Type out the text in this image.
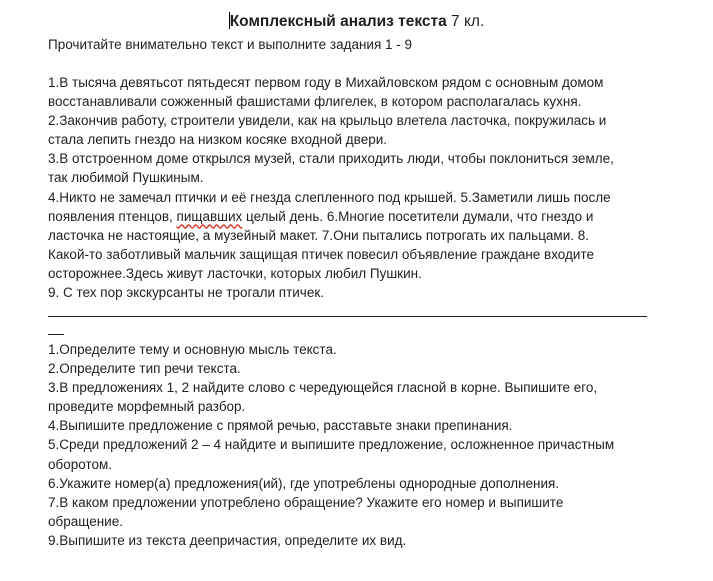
Комплексный анализ текста 7 кл.
Прочитайте внимательно текст и выполните задания 1 - 9
1.В тысяча девятьсот пятьдесят первом году в Михайловском рядом с основным домом
восстанавливали сожженный фашистами флигелек, в котором располагалась кухня.
2.Закончив работу, строители увидели, как на крыльцо влетела ласточка, покружилась и
стала лепить гнездо на низком косяке входной двери.
3.В отстроенном доме открылся музей, стали приходить люди, чтобы поклониться земле,
так любимой Пушкиным.
4.Никто не замечал птички и её гнезда слепленного под крышей. 5.Заметили лишь после
появления птенцов, пищавших целый день. 6.Многие посетители думали, что гнездо и
ласточка не настоящие, а музейный макет. 7.Они пытались потрогать их пальцами. 8.
Какой-то заботливый мальчик защищая птичек повесил объявление граждане входите
осторожнее.Здесь живут ласточки, которых любил Пушкин.
9. С тех пор экскурсанты не трогали птичек.
1.Определите тему и основную мысль текста.
2.Определите тип речи текста.
3.В предложениях 1, 2 найдите слово с чередующейся гласной в корне. Выпишите его,
проведите морфемный разбор.
4.Выпишите предложение с прямой речью, расставьте знаки препинания.
5.Среди предложений 2 – 4 найдите и выпишите предложение, осложненное причастным
оборотом.
6.Укажите номер(а) предложения(ий), где употреблены однородные дополнения.
7.В каком предложении употреблено обращение? Укажите его номер и выпишите
обращение.
9.Выпишите из текста деепричастия, определите их вид.
